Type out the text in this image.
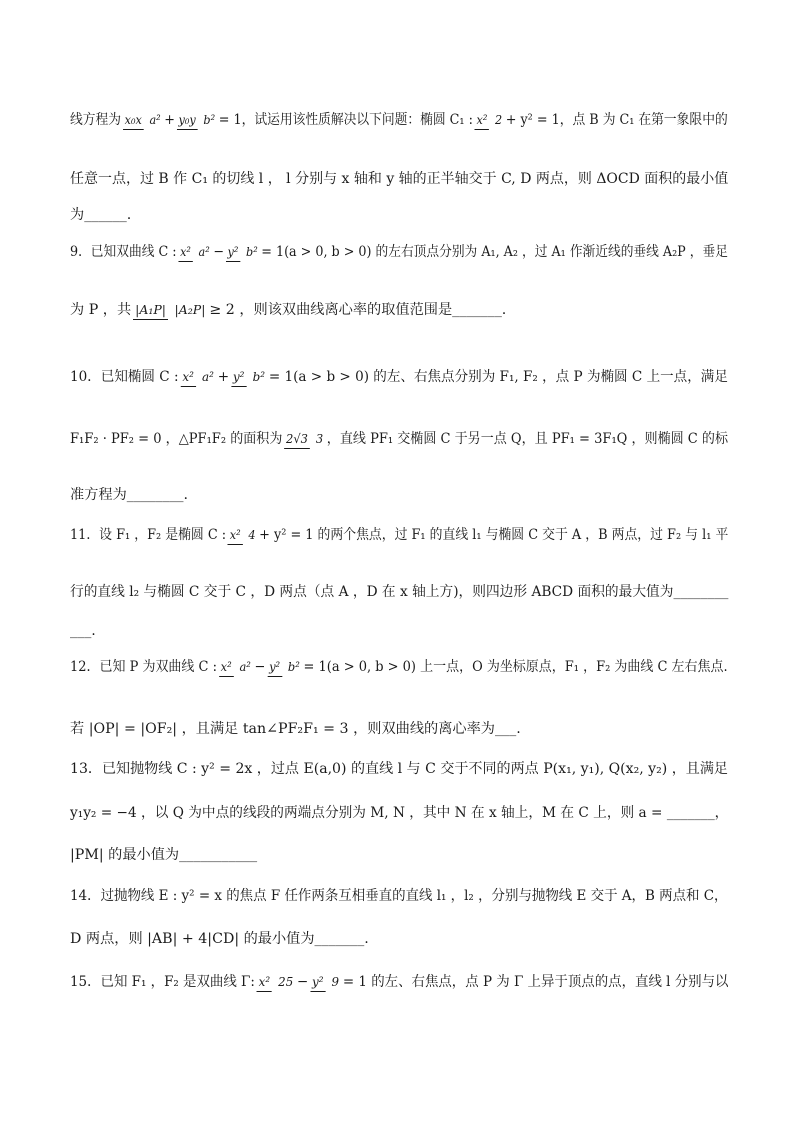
线方程为 x₀x a² + y₀y b² = 1，试运用该性质解决以下问题：椭圆 C₁ : x² 2 + y² = 1，点 B 为 C₁ 在第一象限中的
任意一点，过 B 作 C₁ 的切线 l ， l 分别与 x 轴和 y 轴的正半轴交于 C, D 两点，则 ΔOCD 面积的最小值
为______.
9．已知双曲线 C : x² a² − y² b² = 1(a > 0, b > 0) 的左右顶点分别为 A₁, A₂ ，过 A₁ 作渐近线的垂线 A₂P ，垂足
为 P ，共 |A₁P| |A₂P| ≥ 2 ，则该双曲线离心率的取值范围是_______.
10．已知椭圆 C : x² a² + y² b² = 1(a > b > 0) 的左、右焦点分别为 F₁, F₂ ，点 P 为椭圆 C 上一点，满足
F₁F₂ · PF₂ = 0 ，△PF₁F₂ 的面积为 2√3 3 ，直线 PF₁ 交椭圆 C 于另一点 Q，且 PF₁ = 3F₁Q ，则椭圆 C 的标
准方程为________.
11．设 F₁ ，F₂ 是椭圆 C : x² 4 + y² = 1 的两个焦点，过 F₁ 的直线 l₁ 与椭圆 C 交于 A ，B 两点，过 F₂ 与 l₁ 平
行的直线 l₂ 与椭圆 C 交于 C ，D 两点（点 A ，D 在 x 轴上方)，则四边形 ABCD 面积的最大值为________
___.
12．已知 P 为双曲线 C : x² a² − y² b² = 1(a > 0, b > 0) 上一点，O 为坐标原点，F₁ ，F₂ 为曲线 C 左右焦点.
若 |OP| = |OF₂| ，且满足 tan∠PF₂F₁ = 3 ，则双曲线的离心率为___.
13．已知抛物线 C : y² = 2x ，过点 E(a,0) 的直线 l 与 C 交于不同的两点 P(x₁, y₁), Q(x₂, y₂) ，且满足
y₁y₂ = −4 ，以 Q 为中点的线段的两端点分别为 M, N ，其中 N 在 x 轴上，M 在 C 上，则 a = _______，
|PM| 的最小值为___________
14．过抛物线 E : y² = x 的焦点 F 任作两条互相垂直的直线 l₁ ，l₂ ，分别与抛物线 E 交于 A，B 两点和 C，
D 两点，则 |AB| + 4|CD| 的最小值为_______.
15．已知 F₁ ，F₂ 是双曲线 Γ: x² 25 − y² 9 = 1 的左、右焦点，点 P 为 Γ 上异于顶点的点，直线 l 分别与以
